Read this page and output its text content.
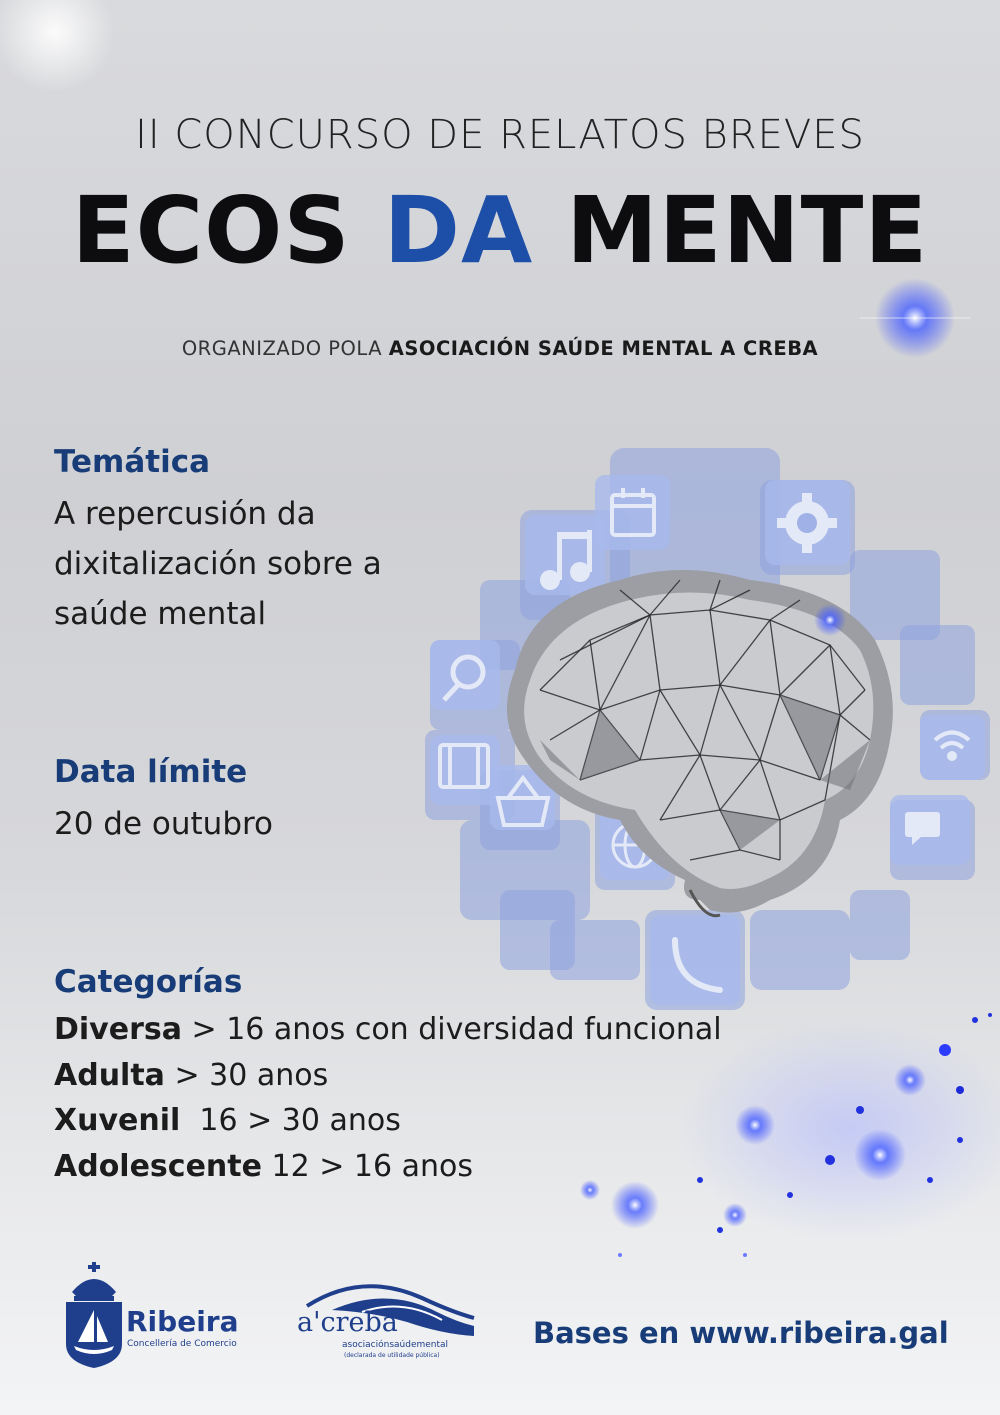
II CONCURSO DE RELATOS BREVES
ECOS DA MENTE
ORGANIZADO POLA ASOCIACIÓN SAÚDE MENTAL A CREBA
Temática
A repercusión da
dixitalización sobre a
saúde mental
Data límite
20 de outubro
Categorías
Diversa > 16 anos con diversidad funcional
Adulta > 30 anos
Xuvenil  16 > 30 anos
Adolescente 12 > 16 anos
Ribeira
Concellería de Comercio
a'creba
asociaciónsaúdemental
(declarada de utilidade pública)
Bases en www.ribeira.gal
